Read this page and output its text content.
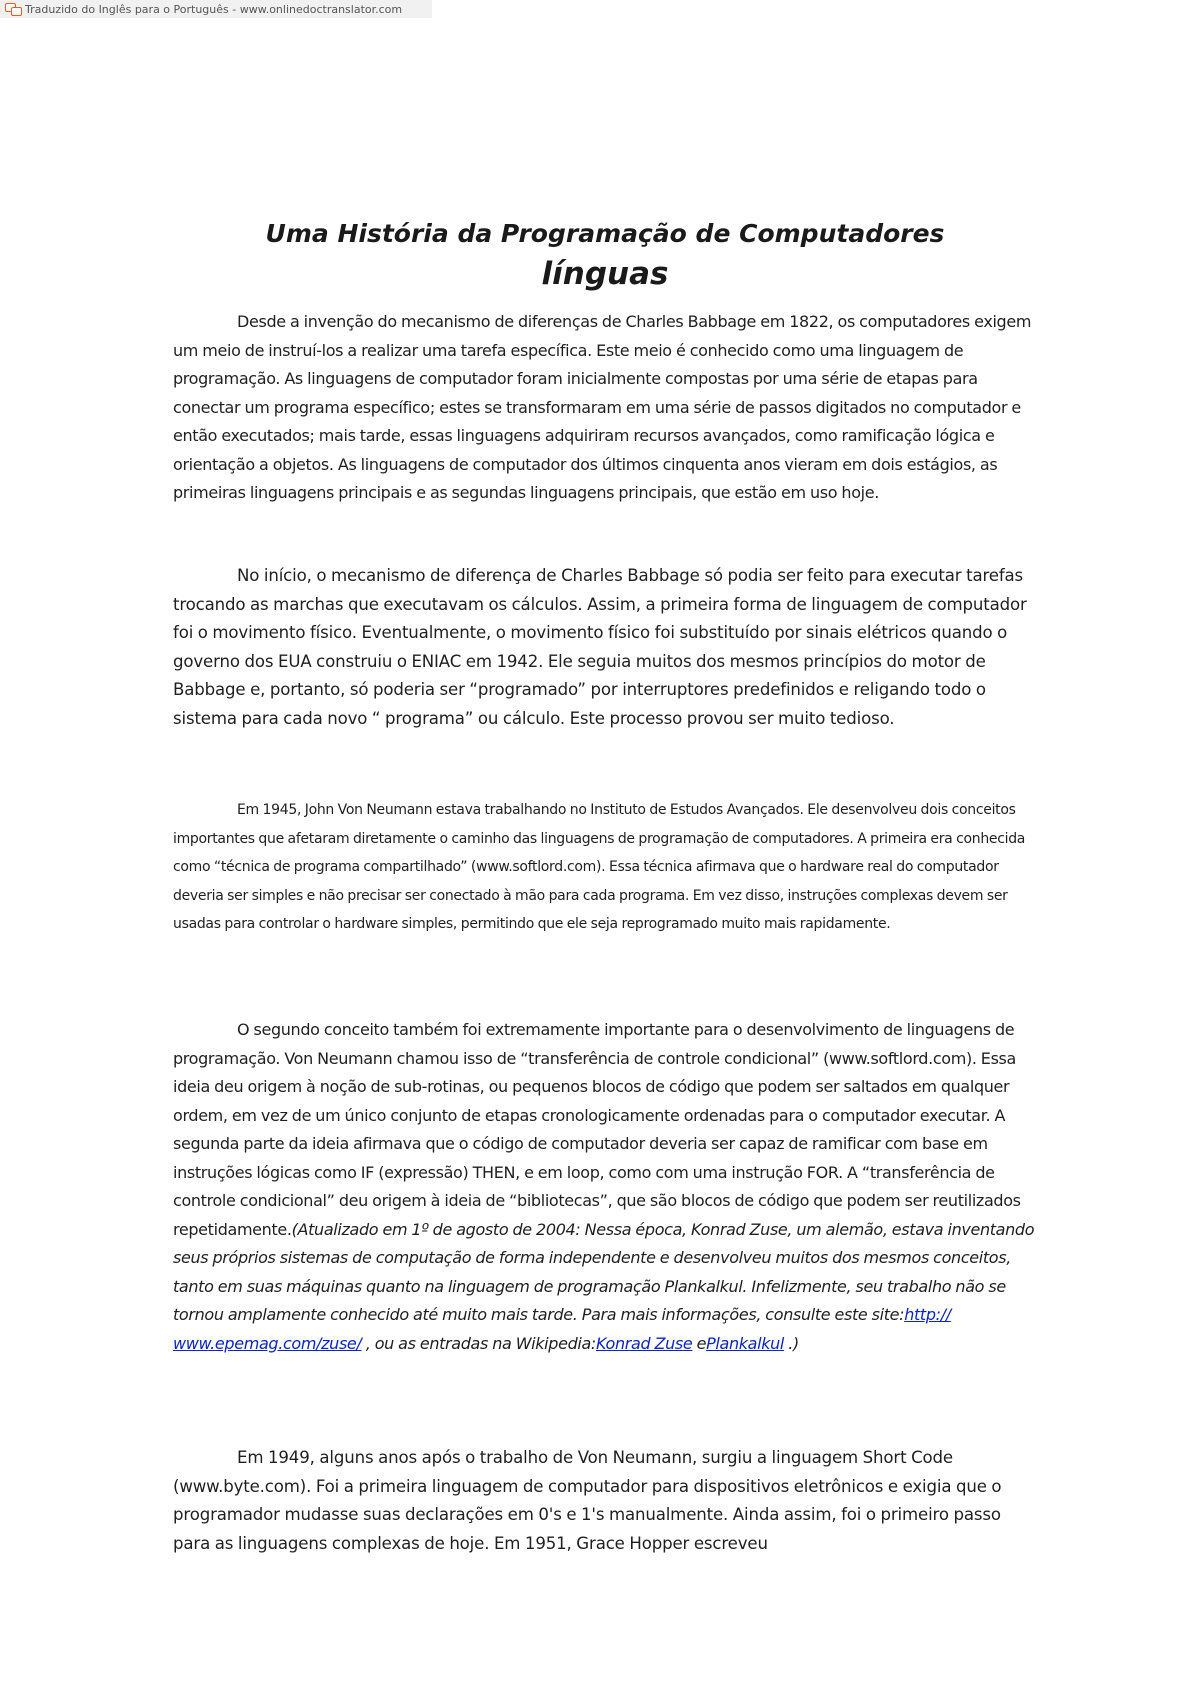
Traduzido do Inglês para o Português - www.onlinedoctranslator.com
Uma História da Programação de Computadores
línguas

Desde a invenção do mecanismo de diferenças de Charles Babbage em 1822, os computadores exigem um meio de instruí-los a realizar uma tarefa específica. Este meio é conhecido como uma linguagem de programação. As linguagens de computador foram inicialmente compostas por uma série de etapas para conectar um programa específico; estes se transformaram em uma série de passos digitados no computador e então executados; mais tarde, essas linguagens adquiriram recursos avançados, como ramificação lógica e orientação a objetos. As linguagens de computador dos últimos cinquenta anos vieram em dois estágios, as primeiras linguagens principais e as segundas linguagens principais, que estão em uso hoje.

No início, o mecanismo de diferença de Charles Babbage só podia ser feito para executar tarefas trocando as marchas que executavam os cálculos. Assim, a primeira forma de linguagem de computador foi o movimento físico. Eventualmente, o movimento físico foi substituído por sinais elétricos quando o governo dos EUA construiu o ENIAC em 1942. Ele seguia muitos dos mesmos princípios do motor de Babbage e, portanto, só poderia ser “programado” por interruptores predefinidos e religando todo o sistema para cada novo “ programa” ou cálculo. Este processo provou ser muito tedioso.

Em 1945, John Von Neumann estava trabalhando no Instituto de Estudos Avançados. Ele desenvolveu dois conceitos importantes que afetaram diretamente o caminho das linguagens de programação de computadores. A primeira era conhecida como “técnica de programa compartilhado” (www.softlord.com). Essa técnica afirmava que o hardware real do computador deveria ser simples e não precisar ser conectado à mão para cada programa. Em vez disso, instruções complexas devem ser usadas para controlar o hardware simples, permitindo que ele seja reprogramado muito mais rapidamente.

O segundo conceito também foi extremamente importante para o desenvolvimento de linguagens de programação. Von Neumann chamou isso de “transferência de controle condicional” (www.softlord.com). Essa ideia deu origem à noção de sub-rotinas, ou pequenos blocos de código que podem ser saltados em qualquer ordem, em vez de um único conjunto de etapas cronologicamente ordenadas para o computador executar. A segunda parte da ideia afirmava que o código de computador deveria ser capaz de ramificar com base em instruções lógicas como IF (expressão) THEN, e em loop, como com uma instrução FOR. A “transferência de controle condicional” deu origem à ideia de “bibliotecas”, que são blocos de código que podem ser reutilizados repetidamente.(Atualizado em 1º de agosto de 2004: Nessa época, Konrad Zuse, um alemão, estava inventando seus próprios sistemas de computação de forma independente e desenvolveu muitos dos mesmos conceitos, tanto em suas máquinas quanto na linguagem de programação Plankalkul. Infelizmente, seu trabalho não se tornou amplamente conhecido até muito mais tarde. Para mais informações, consulte este site:http:// www.epemag.com/zuse/ , ou as entradas na Wikipedia:Konrad Zuse ePlankalkul .)

Em 1949, alguns anos após o trabalho de Von Neumann, surgiu a linguagem Short Code (www.byte.com). Foi a primeira linguagem de computador para dispositivos eletrônicos e exigia que o programador mudasse suas declarações em 0's e 1's manualmente. Ainda assim, foi o primeiro passo para as linguagens complexas de hoje. Em 1951, Grace Hopper escreveu
